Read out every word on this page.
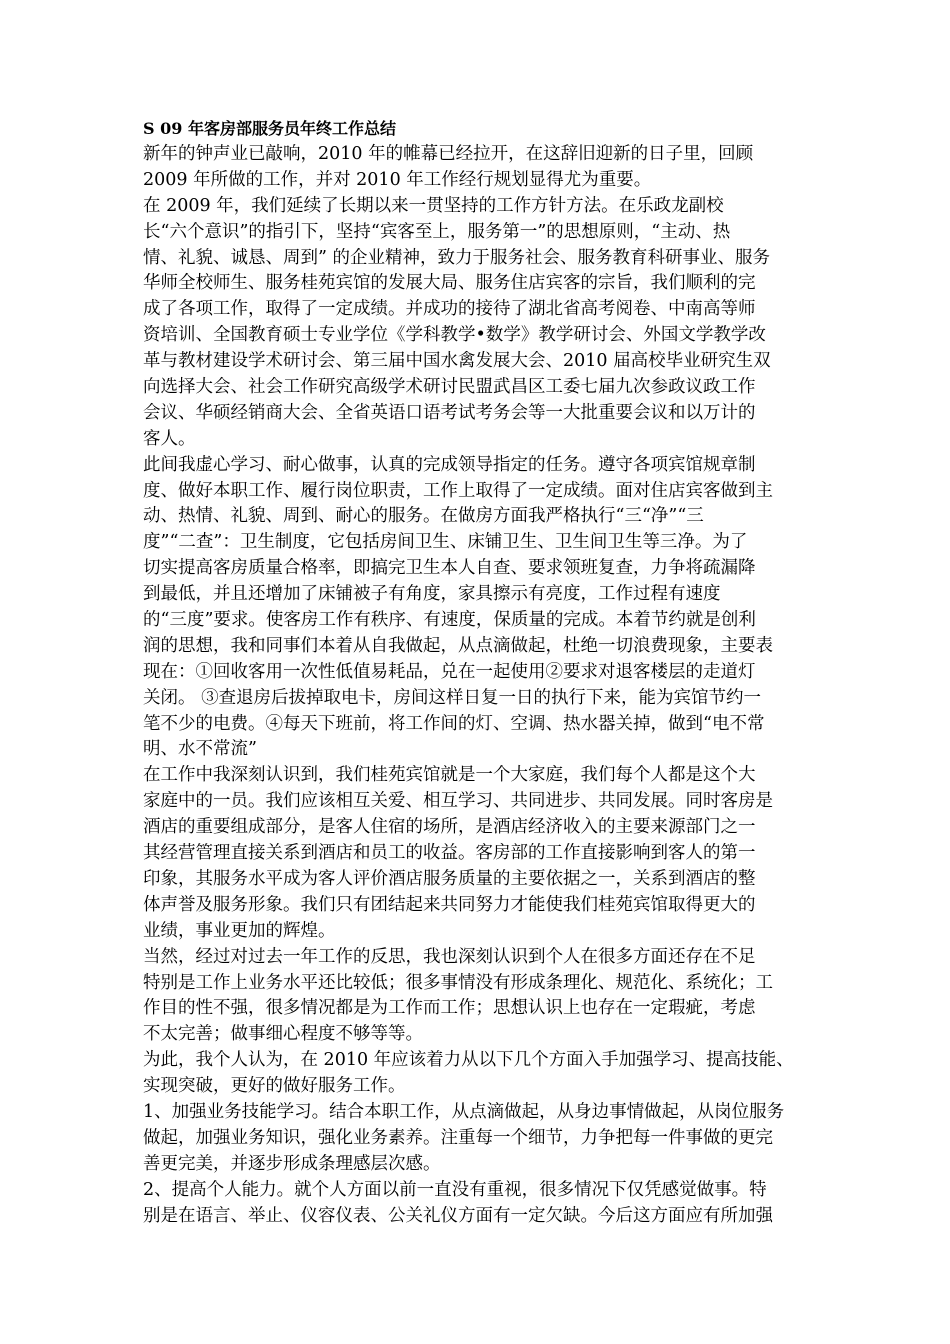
S 09 年客房部服务员年终工作总结
新年的钟声业已敲响，2010 年的帷幕已经拉开，在这辞旧迎新的日子里，回顾
2009 年所做的工作，并对 2010 年工作经行规划显得尤为重要。
在 2009 年，我们延续了长期以来一贯坚持的工作方针方法。在乐政龙副校
长“六个意识”的指引下，坚持“宾客至上，服务第一”的思想原则，“主动、热
情、礼貌、诚恳、周到” 的企业精神，致力于服务社会、服务教育科研事业、服务
华师全校师生、服务桂苑宾馆的发展大局、服务住店宾客的宗旨，我们顺利的完
成了各项工作，取得了一定成绩。并成功的接待了湖北省高考阅卷、中南高等师
资培训、全国教育硕士专业学位《学科教学•数学》教学研讨会、外国文学教学改
革与教材建设学术研讨会、第三届中国水禽发展大会、2010 届高校毕业研究生双
向选择大会、社会工作研究高级学术研讨民盟武昌区工委七届九次参政议政工作
会议、华硕经销商大会、全省英语口语考试考务会等一大批重要会议和以万计的
客人。
此间我虚心学习、耐心做事，认真的完成领导指定的任务。遵守各项宾馆规章制
度、做好本职工作、履行岗位职责，工作上取得了一定成绩。面对住店宾客做到主
动、热情、礼貌、周到、耐心的服务。在做房方面我严格执行“三“净”“三
度”“二查”：卫生制度，它包括房间卫生、床铺卫生、卫生间卫生等三净。为了
切实提高客房质量合格率，即搞完卫生本人自查、要求领班复查，力争将疏漏降
到最低，并且还增加了床铺被子有角度，家具擦示有亮度，工作过程有速度
的“三度”要求。使客房工作有秩序、有速度，保质量的完成。本着节约就是创利
润的思想，我和同事们本着从自我做起，从点滴做起，杜绝一切浪费现象，主要表
现在：①回收客用一次性低值易耗品，兑在一起使用②要求对退客楼层的走道灯
关闭。 ③查退房后拔掉取电卡，房间这样日复一日的执行下来，能为宾馆节约一
笔不少的电费。④每天下班前，将工作间的灯、空调、热水器关掉，做到“电不常
明、水不常流”
在工作中我深刻认识到，我们桂苑宾馆就是一个大家庭，我们每个人都是这个大
家庭中的一员。我们应该相互关爱、相互学习、共同进步、共同发展。同时客房是
酒店的重要组成部分，是客人住宿的场所，是酒店经济收入的主要来源部门之一
其经营管理直接关系到酒店和员工的收益。客房部的工作直接影响到客人的第一
印象，其服务水平成为客人评价酒店服务质量的主要依据之一，关系到酒店的整
体声誉及服务形象。我们只有团结起来共同努力才能使我们桂苑宾馆取得更大的
业绩，事业更加的辉煌。
当然，经过对过去一年工作的反思，我也深刻认识到个人在很多方面还存在不足
特别是工作上业务水平还比较低；很多事情没有形成条理化、规范化、系统化；工
作目的性不强，很多情况都是为工作而工作；思想认识上也存在一定瑕疵，考虑
不太完善；做事细心程度不够等等。
为此，我个人认为，在 2010 年应该着力从以下几个方面入手加强学习、提高技能、
实现突破，更好的做好服务工作。
1、加强业务技能学习。结合本职工作，从点滴做起，从身边事情做起，从岗位服务
做起，加强业务知识，强化业务素养。注重每一个细节，力争把每一件事做的更完
善更完美，并逐步形成条理感层次感。
2、提高个人能力。就个人方面以前一直没有重视，很多情况下仅凭感觉做事。特
别是在语言、举止、仪容仪表、公关礼仪方面有一定欠缺。今后这方面应有所加强
